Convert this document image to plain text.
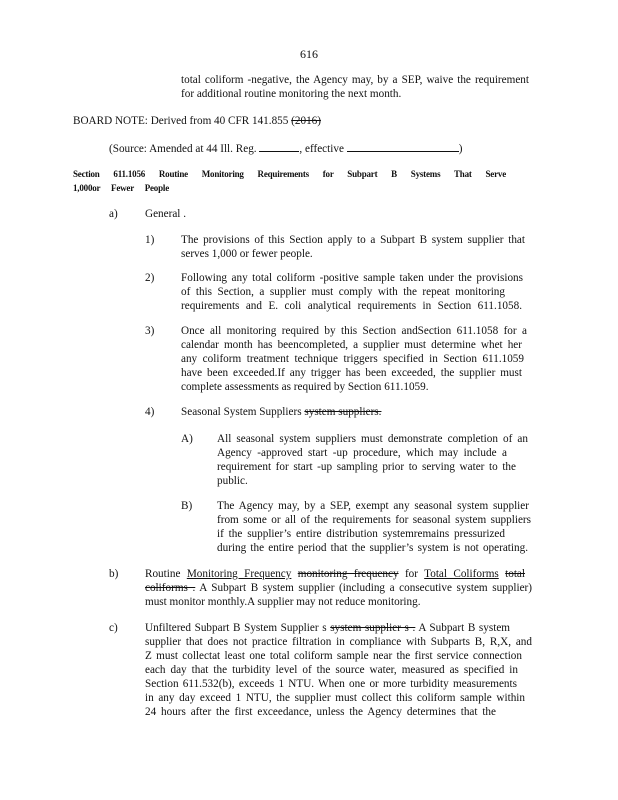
616
total coliform -negative, the Agency may, by a SEP, waive the requirement
for additional routine monitoring the next month.
BOARD NOTE: Derived from 40 CFR 141.855 (2016)
(Source: Amended at 44 Ill. Reg.	, effective	)
Section 611.1056 Routine Monitoring Requirements for Subpart B Systems That Serve
1,000or Fewer People
a) General .
1) The provisions of this Section apply to a Subpart B system supplier that
serves 1,000 or fewer people.
2) Following any total coliform -positive sample taken under the provisions
of this Section, a supplier must comply with the repeat monitoring
requirements and E. coli analytical requirements in Section 611.1058.
3) Once all monitoring required by this Section andSection 611.1058 for a
calendar month has beencompleted, a supplier must determine whet her
any coliform treatment technique triggers specified in Section 611.1059
have been exceeded.If any trigger has been exceeded, the supplier must
complete assessments as required by Section 611.1059.
4) Seasonal System Suppliers system suppliers.
A) All seasonal system suppliers must demonstrate completion of an
Agency -approved start -up procedure, which may include a
requirement for start -up sampling prior to serving water to the
public.
B) The Agency may, by a SEP, exempt any seasonal system supplier
from some or all of the requirements for seasonal system suppliers
if the supplier’s entire distribution systemremains pressurized
during the entire period that the supplier’s system is not operating.
b) Routine Monitoring Frequency monitoring frequency for Total Coliforms total
coliforms . A Subpart B system supplier (including a consecutive system supplier)
must monitor monthly.A supplier may not reduce monitoring.
c) Unfiltered Subpart B System Supplier s system supplier s . A Subpart B system
supplier that does not practice filtration in compliance with Subparts B, R,X, and
Z must collectat least one total coliform sample near the first service connection
each day that the turbidity level of the source water, measured as specified in
Section 611.532(b), exceeds 1 NTU. When one or more turbidity measurements
in any day exceed 1 NTU, the supplier must collect this coliform sample within
24 hours after the first exceedance, unless the Agency determines that the
